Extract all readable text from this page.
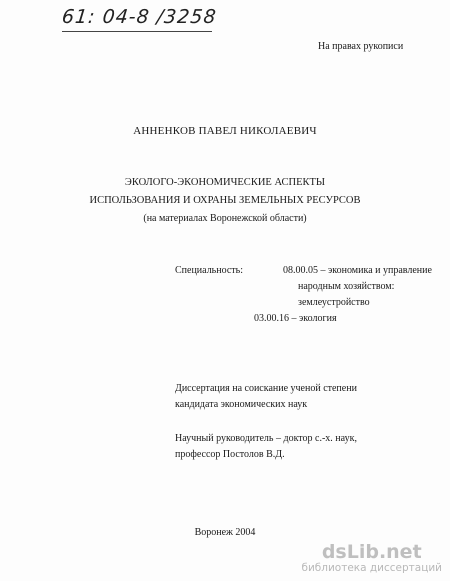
61: 04-8 /3258
На правах рукописи
АННЕНКОВ ПАВЕЛ НИКОЛАЕВИЧ
ЭКОЛОГО-ЭКОНОМИЧЕСКИЕ АСПЕКТЫ
ИСПОЛЬЗОВАНИЯ И ОХРАНЫ ЗЕМЕЛЬНЫХ РЕСУРСОВ
(на материалах Воронежской области)
Специальность:	08.00.05 – экономика и управление
народным хозяйством:
землеустройство
03.00.16 – экология
Диссертация на соискание ученой степени
кандидата экономических наук
Научный руководитель – доктор с.-х. наук,
профессор Постолов В.Д.
Воронеж 2004
dsLib.net
библиотека диссертаций
